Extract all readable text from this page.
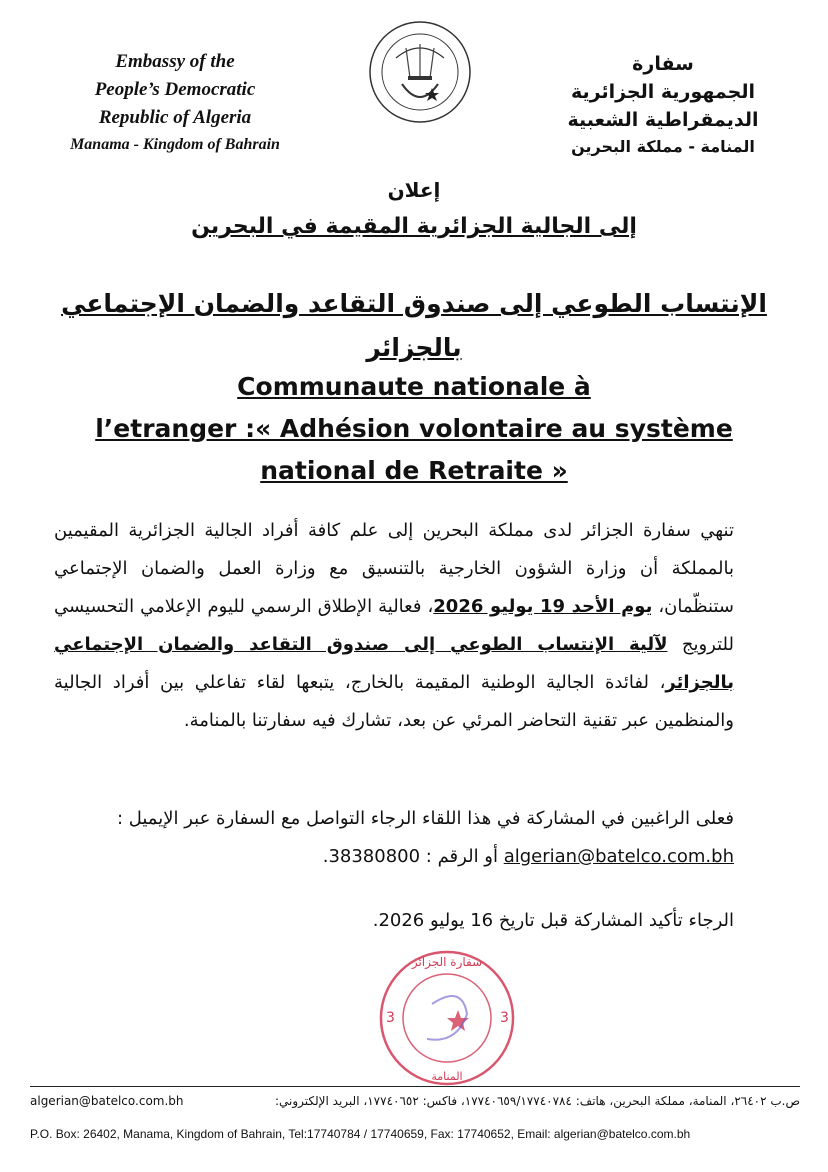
Embassy of the
People’s Democratic
Republic of Algeria
Manama - Kingdom of Bahrain
سفارة
الجمهورية الجزائرية
الديمقراطية الشعبية
المنامة - مملكة البحرين
إعلان
إلى الجالية الجزائرية المقيمة في البحرين
الإنتساب الطوعي إلى صندوق التقاعد والضمان الإجتماعي بالجزائر
Communaute nationale à
l’etranger :« Adhésion volontaire au système
national de Retraite »
تنهي سفارة الجزائر لدى مملكة البحرين إلى علم كافة أفراد الجالية الجزائرية المقيمين بالمملكة أن وزارة الشؤون الخارجية بالتنسيق مع وزارة العمل والضمان الإجتماعي ستنظّمان، يوم الأحد 19 يوليو 2026، فعالية الإطلاق الرسمي لليوم الإعلامي التحسيسي للترويج لآلية الإنتساب الطوعي إلى صندوق التقاعد والضمان الإجتماعي بالجزائر، لفائدة الجالية الوطنية المقيمة بالخارج، يتبعها لقاء تفاعلي بين أفراد الجالية والمنظمين عبر تقنية التحاضر المرئي عن بعد، تشارك فيه سفارتنا بالمنامة.
فعلى الراغبين في المشاركة في هذا اللقاء الرجاء التواصل مع السفارة عبر الإيميل :
algerian@batelco.com.bh أو الرقم : 38380800.
الرجاء تأكيد المشاركة قبل تاريخ 16 يوليو 2026.
3	3
سفارة الجزائر
المنامة
algerian@batelco.com.bh	ص.ب ٢٦٤٠٢، المنامة، مملكة البحرين، هاتف: ١٧٧٤٠٦٥٩/١٧٧٤٠٧٨٤، فاكس: ١٧٧٤٠٦٥٢، البريد الإلكتروني:
P.O. Box: 26402, Manama, Kingdom of Bahrain, Tel:17740784 / 17740659, Fax: 17740652, Email: algerian@batelco.com.bh
